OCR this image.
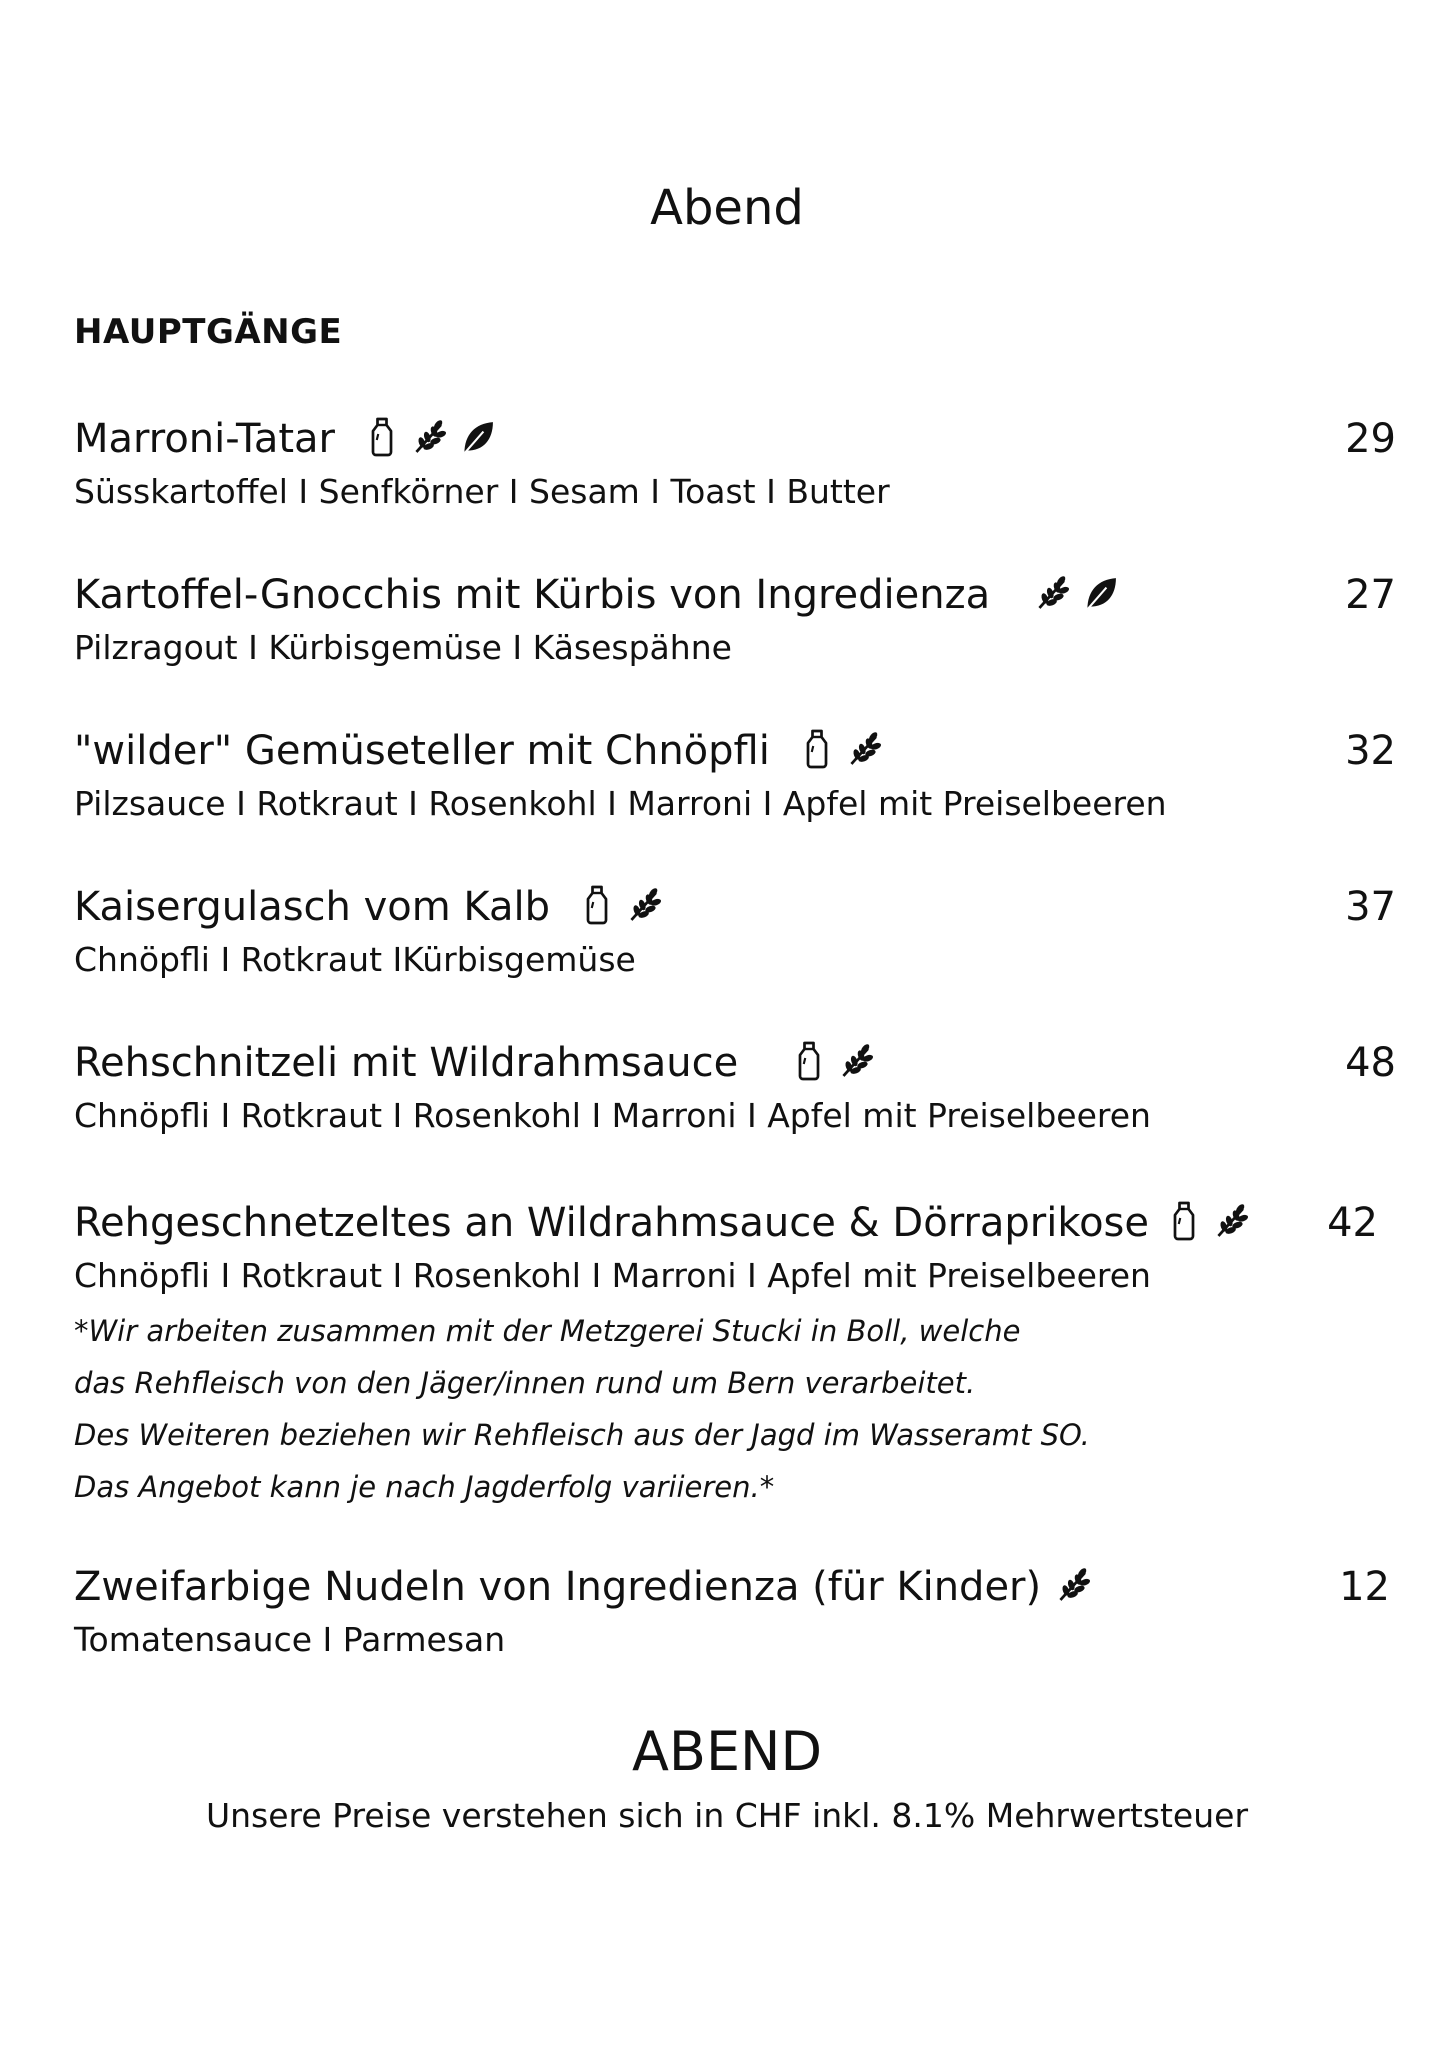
Abend
HAUPTGÄNGE
Marroni-Tatar	29
Süsskartoffel I Senfkörner I Sesam I Toast I Butter
Kartoffel-Gnocchis mit Kürbis von Ingredienza	27
Pilzragout I Kürbisgemüse I Käsespähne
"wilder" Gemüseteller mit Chnöpfli	32
Pilzsauce I Rotkraut I Rosenkohl I Marroni I Apfel mit Preiselbeeren
Kaisergulasch vom Kalb	37
Chnöpfli I Rotkraut IKürbisgemüse
Rehschnitzeli mit Wildrahmsauce	48
Chnöpfli I Rotkraut I Rosenkohl I Marroni I Apfel mit Preiselbeeren
Rehgeschnetzeltes an Wildrahmsauce & Dörraprikose	42
Chnöpfli I Rotkraut I Rosenkohl I Marroni I Apfel mit Preiselbeeren
*Wir arbeiten zusammen mit der Metzgerei Stucki in Boll, welche
das Rehfleisch von den Jäger/innen rund um Bern verarbeitet.
Des Weiteren beziehen wir Rehfleisch aus der Jagd im Wasseramt SO.
Das Angebot kann je nach Jagderfolg variieren.*
Zweifarbige Nudeln von Ingredienza (für Kinder)	12
Tomatensauce I Parmesan
ABEND
Unsere Preise verstehen sich in CHF inkl. 8.1% Mehrwertsteuer
